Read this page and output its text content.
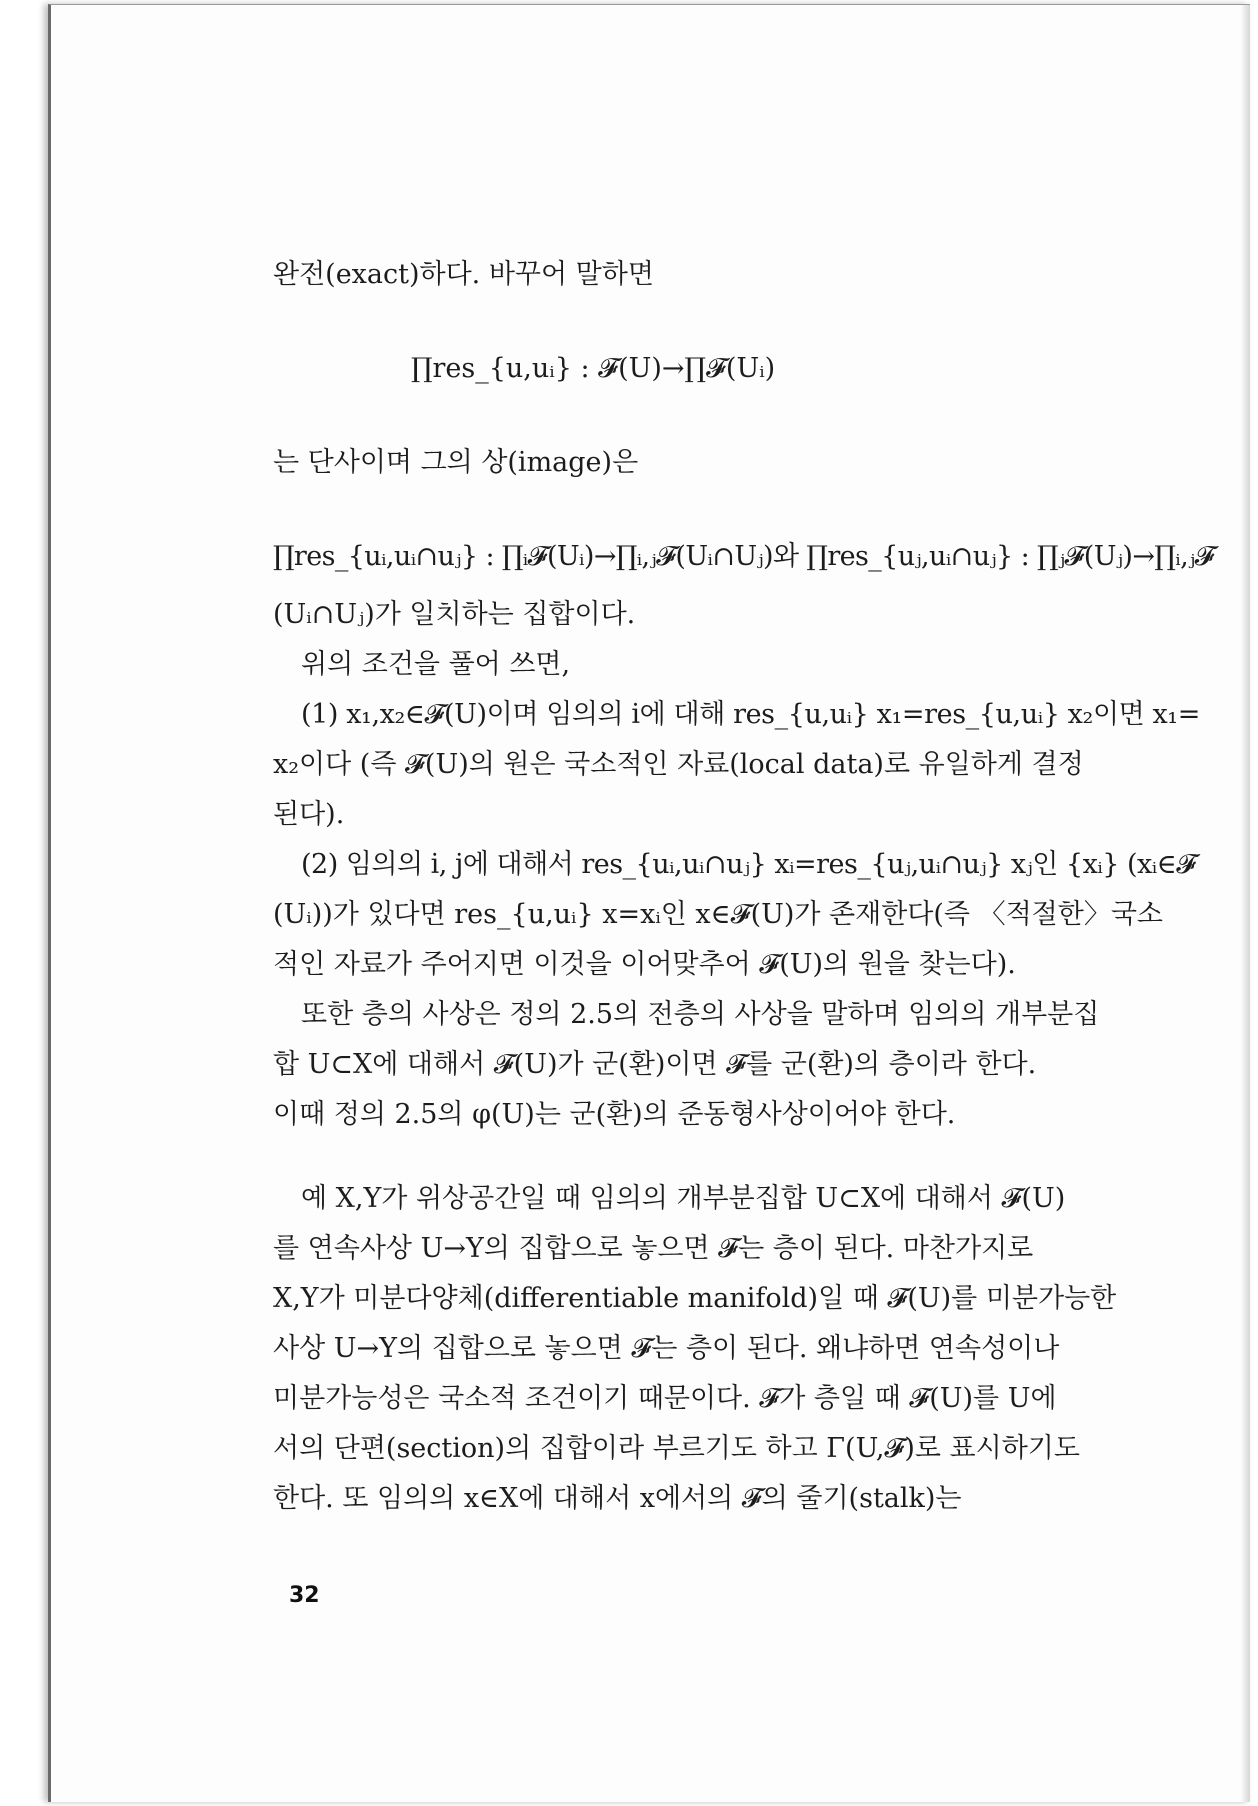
완전(exact)하다. 바꾸어 말하면
∏res_{u,uᵢ} : 𝓕(U)→∏𝓕(Uᵢ)
는 단사이며 그의 상(image)은
∏res_{uᵢ,uᵢ∩uⱼ} : ∏ᵢ𝓕(Uᵢ)→∏ᵢ,ⱼ𝓕(Uᵢ∩Uⱼ)와 ∏res_{uⱼ,uᵢ∩uⱼ} : ∏ⱼ𝓕(Uⱼ)→∏ᵢ,ⱼ𝓕
(Uᵢ∩Uⱼ)가 일치하는 집합이다.
위의 조건을 풀어 쓰면,
(1) x₁,x₂∈𝓕(U)이며 임의의 i에 대해 res_{u,uᵢ} x₁=res_{u,uᵢ} x₂이면 x₁=
x₂이다 (즉 𝓕(U)의 원은 국소적인 자료(local data)로 유일하게 결정
된다).
(2) 임의의 i, j에 대해서 res_{uᵢ,uᵢ∩uⱼ} xᵢ=res_{uⱼ,uᵢ∩uⱼ} xⱼ인 {xᵢ} (xᵢ∈𝓕
(Uᵢ))가 있다면 res_{u,uᵢ} x=xᵢ인 x∈𝓕(U)가 존재한다(즉 〈적절한〉국소
적인 자료가 주어지면 이것을 이어맞추어 𝓕(U)의 원을 찾는다).
또한 층의 사상은 정의 2.5의 전층의 사상을 말하며 임의의 개부분집
합 U⊂X에 대해서 𝓕(U)가 군(환)이면 𝓕를 군(환)의 층이라 한다.
이때 정의 2.5의 φ(U)는 군(환)의 준동형사상이어야 한다.
예 X,Y가 위상공간일 때 임의의 개부분집합 U⊂X에 대해서 𝓕(U)
를 연속사상 U→Y의 집합으로 놓으면 𝓕는 층이 된다. 마찬가지로
X,Y가 미분다양체(differentiable manifold)일 때 𝓕(U)를 미분가능한
사상 U→Y의 집합으로 놓으면 𝓕는 층이 된다. 왜냐하면 연속성이나
미분가능성은 국소적 조건이기 때문이다. 𝓕가 층일 때 𝓕(U)를 U에
서의 단편(section)의 집합이라 부르기도 하고 Γ(U,𝓕)로 표시하기도
한다. 또 임의의 x∈X에 대해서 x에서의 𝓕의 줄기(stalk)는
32
